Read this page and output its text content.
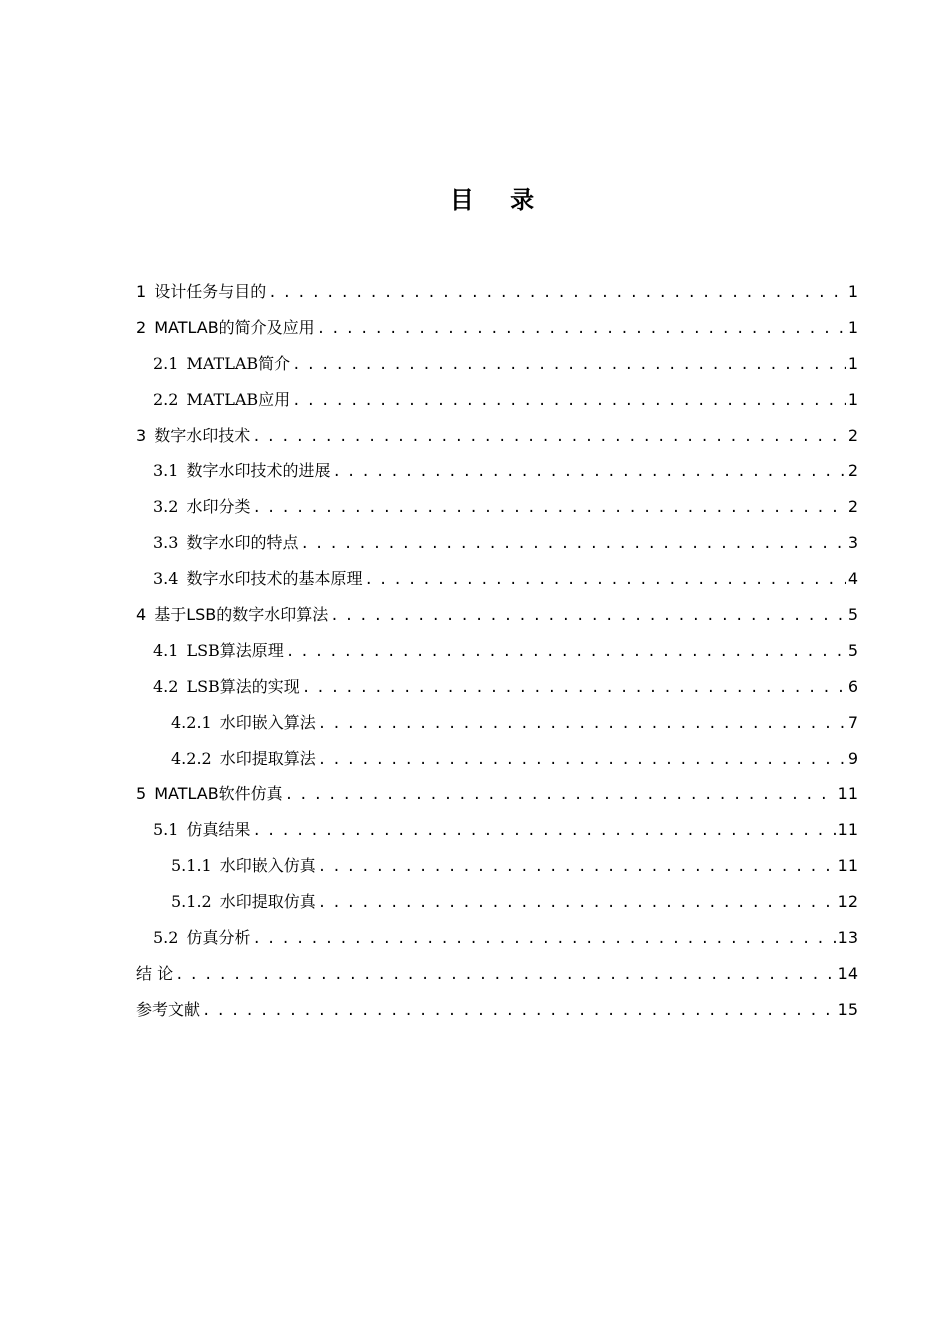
目 录
1 设计任务与目的 . . .	1
2 MATLAB的简介及应用 . . .	1
2.1 MATLAB简介 . . .	1
2.2 MATLAB应用 . . .	1
3 数字水印技术 . . .	2
3.1 数字水印技术的进展 . . .	2
3.2 水印分类 . . .	2
3.3 数字水印的特点 . . .	3
3.4 数字水印技术的基本原理 . . .	4
4 基于LSB的数字水印算法 . . .	5
4.1 LSB算法原理 . . .	5
4.2 LSB算法的实现 . . .	6
4.2.1 水印嵌入算法 . . .	7
4.2.2 水印提取算法 . . .	9
5 MATLAB软件仿真 . . .	11
5.1 仿真结果 . . .	11
5.1.1 水印嵌入仿真 . . .	11
5.1.2 水印提取仿真 . . .	12
5.2 仿真分析 . . .	13
结 论 . . .	14
参考文献 . . .	15
